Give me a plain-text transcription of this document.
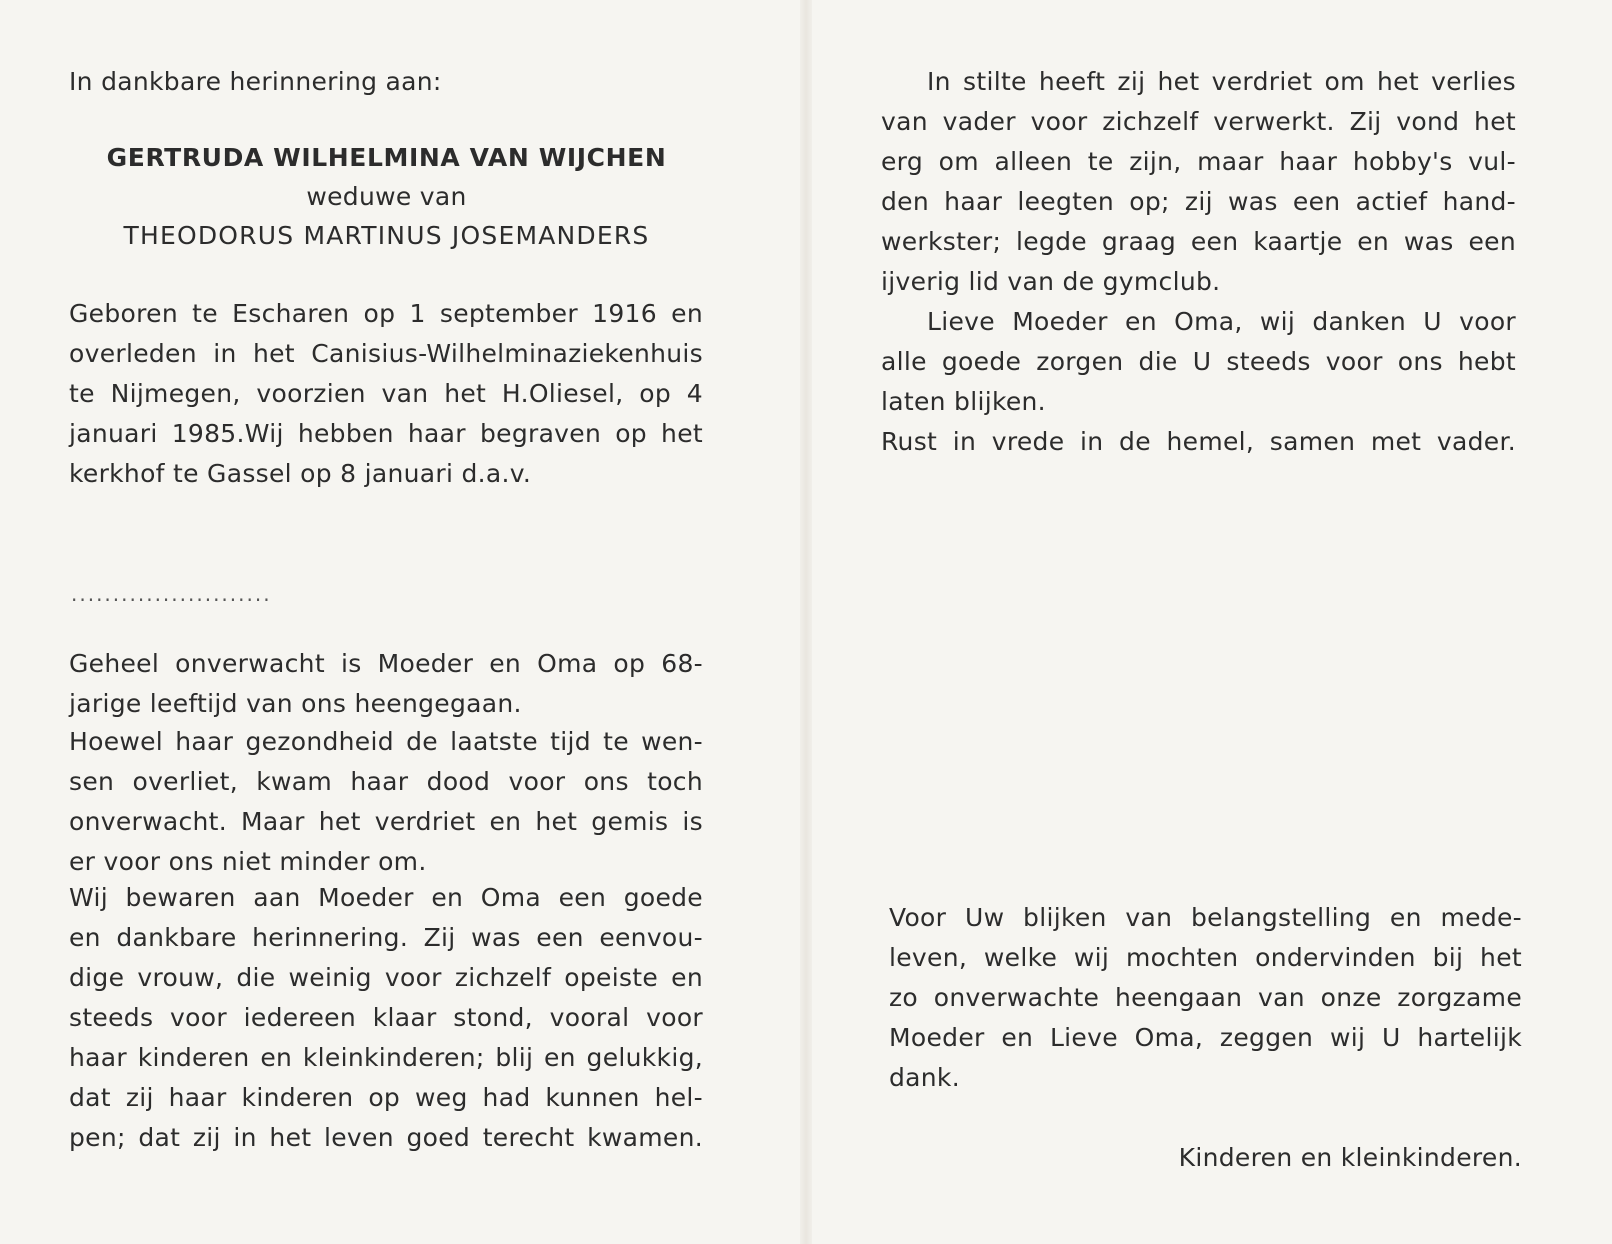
In dankbare herinnering aan:
GERTRUDA WILHELMINA VAN WIJCHEN
weduwe van
THEODORUS MARTINUS JOSEMANDERS
Geboren te Escharen op 1 september 1916 en
overleden in het Canisius-Wilhelminaziekenhuis
te Nijmegen, voorzien van het H.Oliesel, op 4
januari 1985.Wij hebben haar begraven op het
kerkhof te Gassel op 8 januari d.a.v.
........................
Geheel onverwacht is Moeder en Oma op 68-
jarige leeftijd van ons heengegaan.
Hoewel haar gezondheid de laatste tijd te wen-
sen overliet, kwam haar dood voor ons toch
onverwacht. Maar het verdriet en het gemis is
er voor ons niet minder om.
Wij bewaren aan Moeder en Oma een goede
en dankbare herinnering. Zij was een eenvou-
dige vrouw, die weinig voor zichzelf opeiste en
steeds voor iedereen klaar stond, vooral voor
haar kinderen en kleinkinderen; blij en gelukkig,
dat zij haar kinderen op weg had kunnen hel-
pen; dat zij in het leven goed terecht kwamen.
In stilte heeft zij het verdriet om het verlies
van vader voor zichzelf verwerkt. Zij vond het
erg om alleen te zijn, maar haar hobby's vul-
den haar leegten op; zij was een actief hand-
werkster; legde graag een kaartje en was een
ijverig lid van de gymclub.
Lieve Moeder en Oma, wij danken U voor
alle goede zorgen die U steeds voor ons hebt
laten blijken.
Rust in vrede in de hemel, samen met vader.
Voor Uw blijken van belangstelling en mede-
leven, welke wij mochten ondervinden bij het
zo onverwachte heengaan van onze zorgzame
Moeder en Lieve Oma, zeggen wij U hartelijk
dank.
Kinderen en kleinkinderen.
